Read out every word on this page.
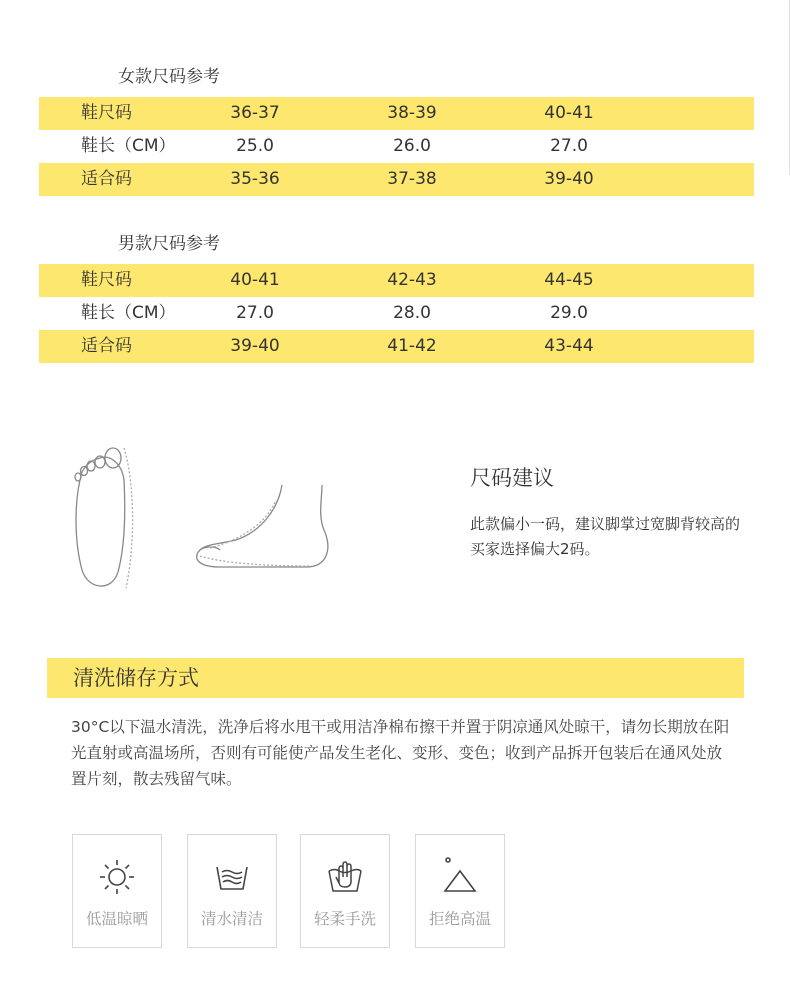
女款尺码参考
鞋尺码	36-37	38-39	40-41
鞋长（CM）	25.0	26.0	27.0
适合码	35-36	37-38	39-40
男款尺码参考
鞋尺码	40-41	42-43	44-45
鞋长（CM）	27.0	28.0	29.0
适合码	39-40	41-42	43-44
尺码建议
此款偏小一码，建议脚掌过宽脚背较高的买家选择偏大2码。
清洗储存方式
30°C以下温水清洗，洗净后将水甩干或用洁净棉布擦干并置于阴凉通风处晾干，请勿长期放在阳光直射或高温场所，否则有可能使产品发生老化、变形、变色；收到产品拆开包装后在通风处放置片刻，散去残留气味。
低温晾晒	清水清洁	轻柔手洗	拒绝高温
